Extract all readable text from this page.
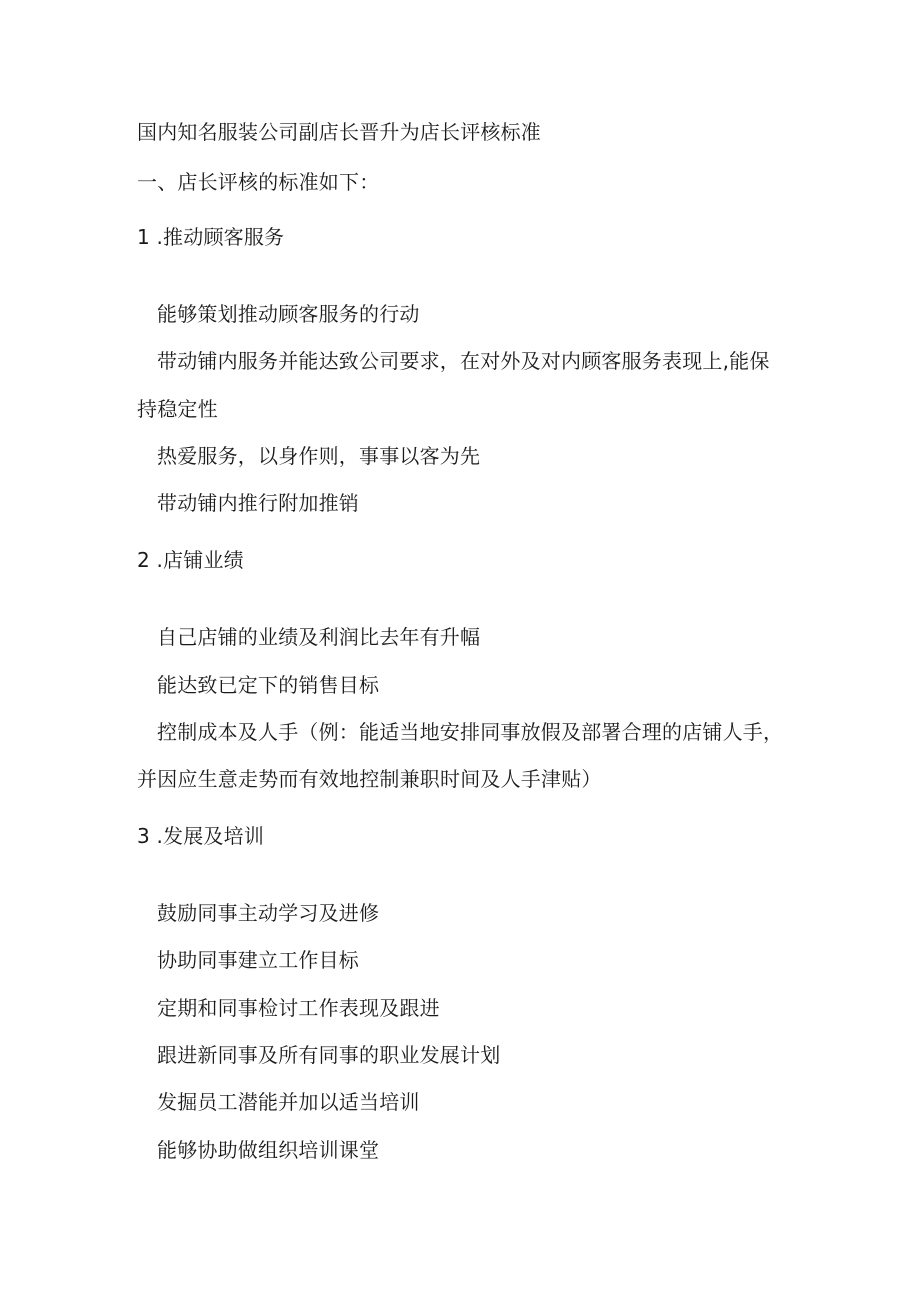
国内知名服装公司副店长晋升为店长评核标准
一、店长评核的标准如下：
1 .推动顾客服务
能够策划推动顾客服务的行动
带动铺内服务并能达致公司要求，在对外及对内顾客服务表现上,能保
持稳定性
热爱服务，以身作则，事事以客为先
带动铺内推行附加推销
2 .店铺业绩
自己店铺的业绩及利润比去年有升幅
能达致已定下的销售目标
控制成本及人手（例：能适当地安排同事放假及部署合理的店铺人手，
并因应生意走势而有效地控制兼职时间及人手津贴）
3 .发展及培训
鼓励同事主动学习及进修
协助同事建立工作目标
定期和同事检讨工作表现及跟进
跟进新同事及所有同事的职业发展计划
发掘员工潜能并加以适当培训
能够协助做组织培训课堂
